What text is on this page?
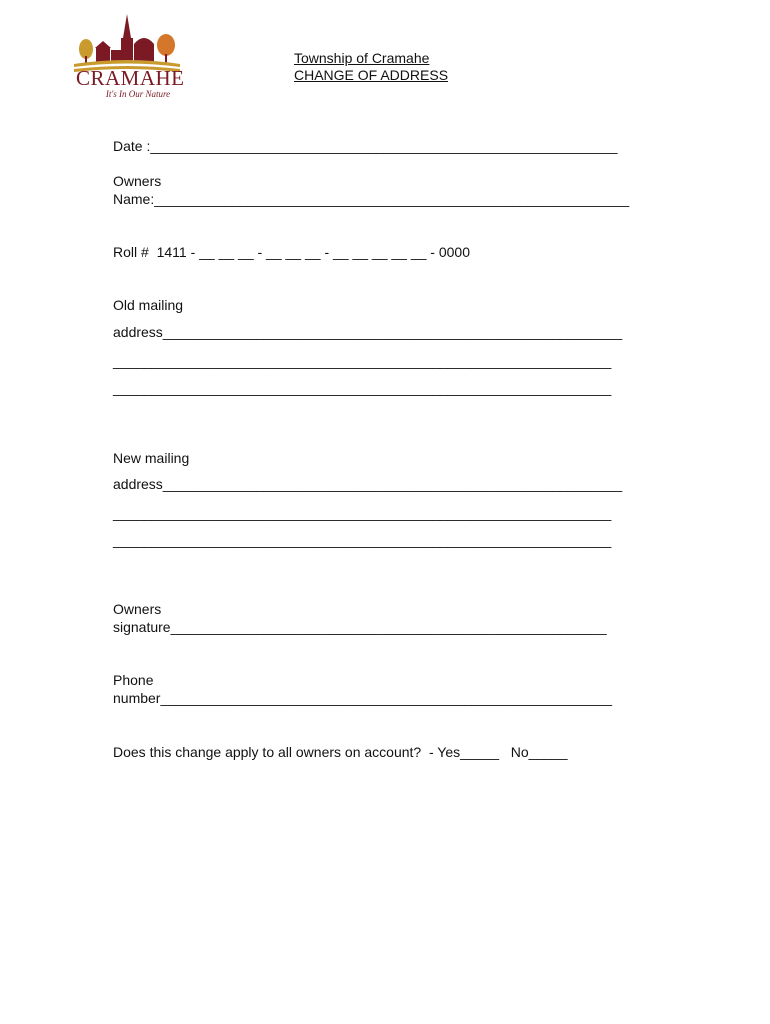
CRAMAHE
It's In Our Nature
Township of Cramahe
CHANGE OF ADDRESS
Date :____________________________________________________________
Owners
Name:_____________________________________________________________
Roll #  1411 - __ __ __ - __ __ __ - __ __ __ __ __ - 0000
Old mailing
address___________________________________________________________
________________________________________________________________
________________________________________________________________
New mailing
address___________________________________________________________
________________________________________________________________
________________________________________________________________
Owners
signature________________________________________________________
Phone
number__________________________________________________________
Does this change apply to all owners on account?  - Yes_____   No_____
